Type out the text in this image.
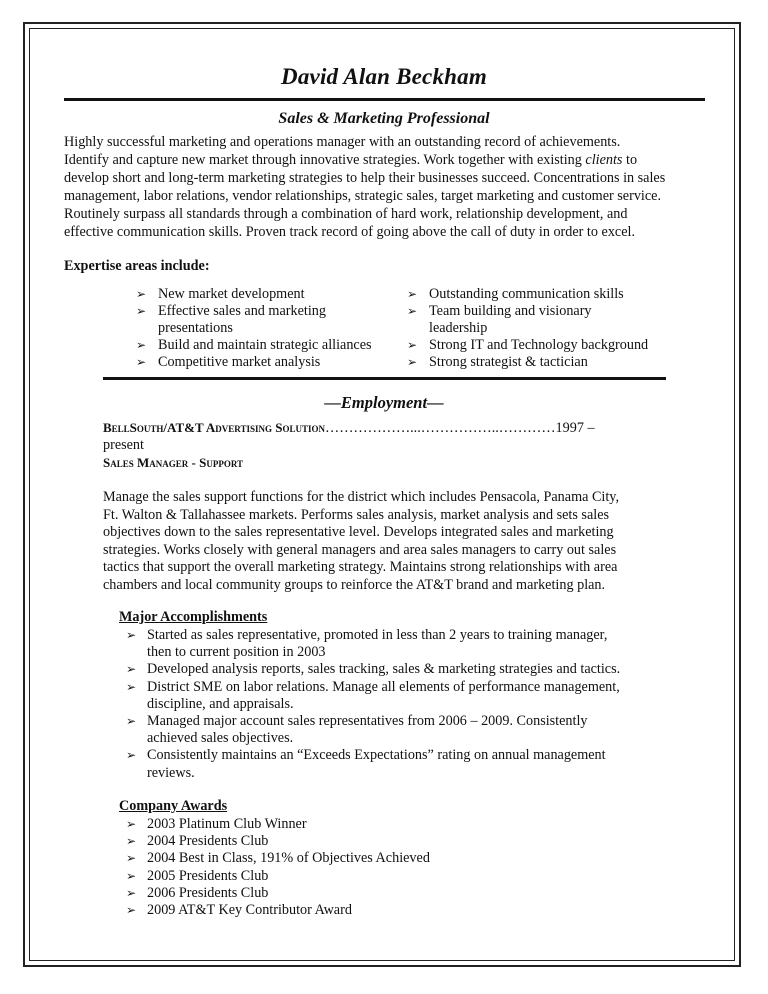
David Alan Beckham
Sales & Marketing Professional

Highly successful marketing and operations manager with an outstanding record of achievements.

Identify and capture new market through innovative strategies. Work together with existing clients to

develop short and long-term marketing strategies to help their businesses succeed. Concentrations in sales

management, labor relations, vendor relationships, strategic sales, target marketing and customer service.

Routinely surpass all standards through a combination of hard work, relationship development, and

effective communication skills. Proven track record of going above the call of duty in order to excel.

Expertise areas include:
➢ New market development
➢ Effective sales and marketing
presentations
➢ Build and maintain strategic alliances
➢ Competitive market analysis
➢ Outstanding communication skills
➢ Team building and visionary
leadership
➢ Strong IT and Technology background
➢ Strong strategist & tactician
—Employment—
BellSouth/AT&T Advertising Solution………………...……………..…………1997 –
present
Sales Manager - Support

Manage the sales support functions for the district which includes Pensacola, Panama City,

Ft. Walton & Tallahassee markets. Performs sales analysis, market analysis and sets sales

objectives down to the sales representative level. Develops integrated sales and marketing

strategies. Works closely with general managers and area sales managers to carry out sales

tactics that support the overall marketing strategy. Maintains strong relationships with area

chambers and local community groups to reinforce the AT&T brand and marketing plan.

Major Accomplishments
➢ Started as sales representative, promoted in less than 2 years to training manager,

then to current position in 2003

➢ Developed analysis reports, sales tracking, sales & marketing strategies and tactics.

➢ District SME on labor relations. Manage all elements of performance management,

discipline, and appraisals.

➢ Managed major account sales representatives from 2006 – 2009. Consistently

achieved sales objectives.

➢ Consistently maintains an “Exceeds Expectations” rating on annual management

reviews.

Company Awards
➢ 2003 Platinum Club Winner

➢ 2004 Presidents Club

➢ 2004 Best in Class, 191% of Objectives Achieved

➢ 2005 Presidents Club

➢ 2006 Presidents Club

➢ 2009 AT&T Key Contributor Award
